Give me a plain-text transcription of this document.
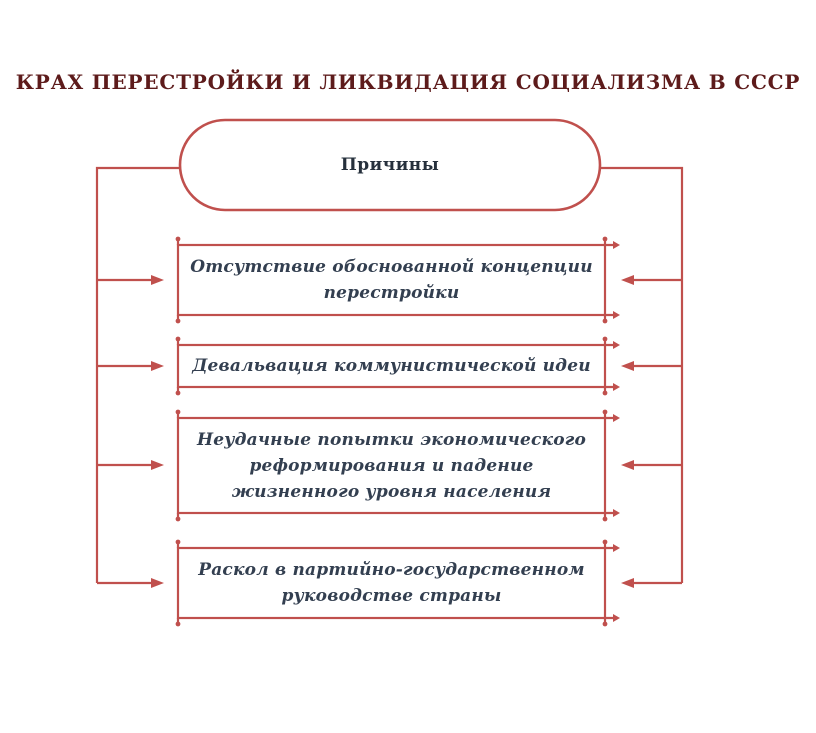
КРАХ ПЕРЕСТРОЙКИ И ЛИКВИДАЦИЯ СОЦИАЛИЗМА В СССР
Причины
Отсутствие обоснованной концепции
перестройки
Девальвация коммунистической идеи
Неудачные попытки экономического
реформирования и падение
жизненного уровня населения
Раскол в партийно-государственном
руководстве страны
